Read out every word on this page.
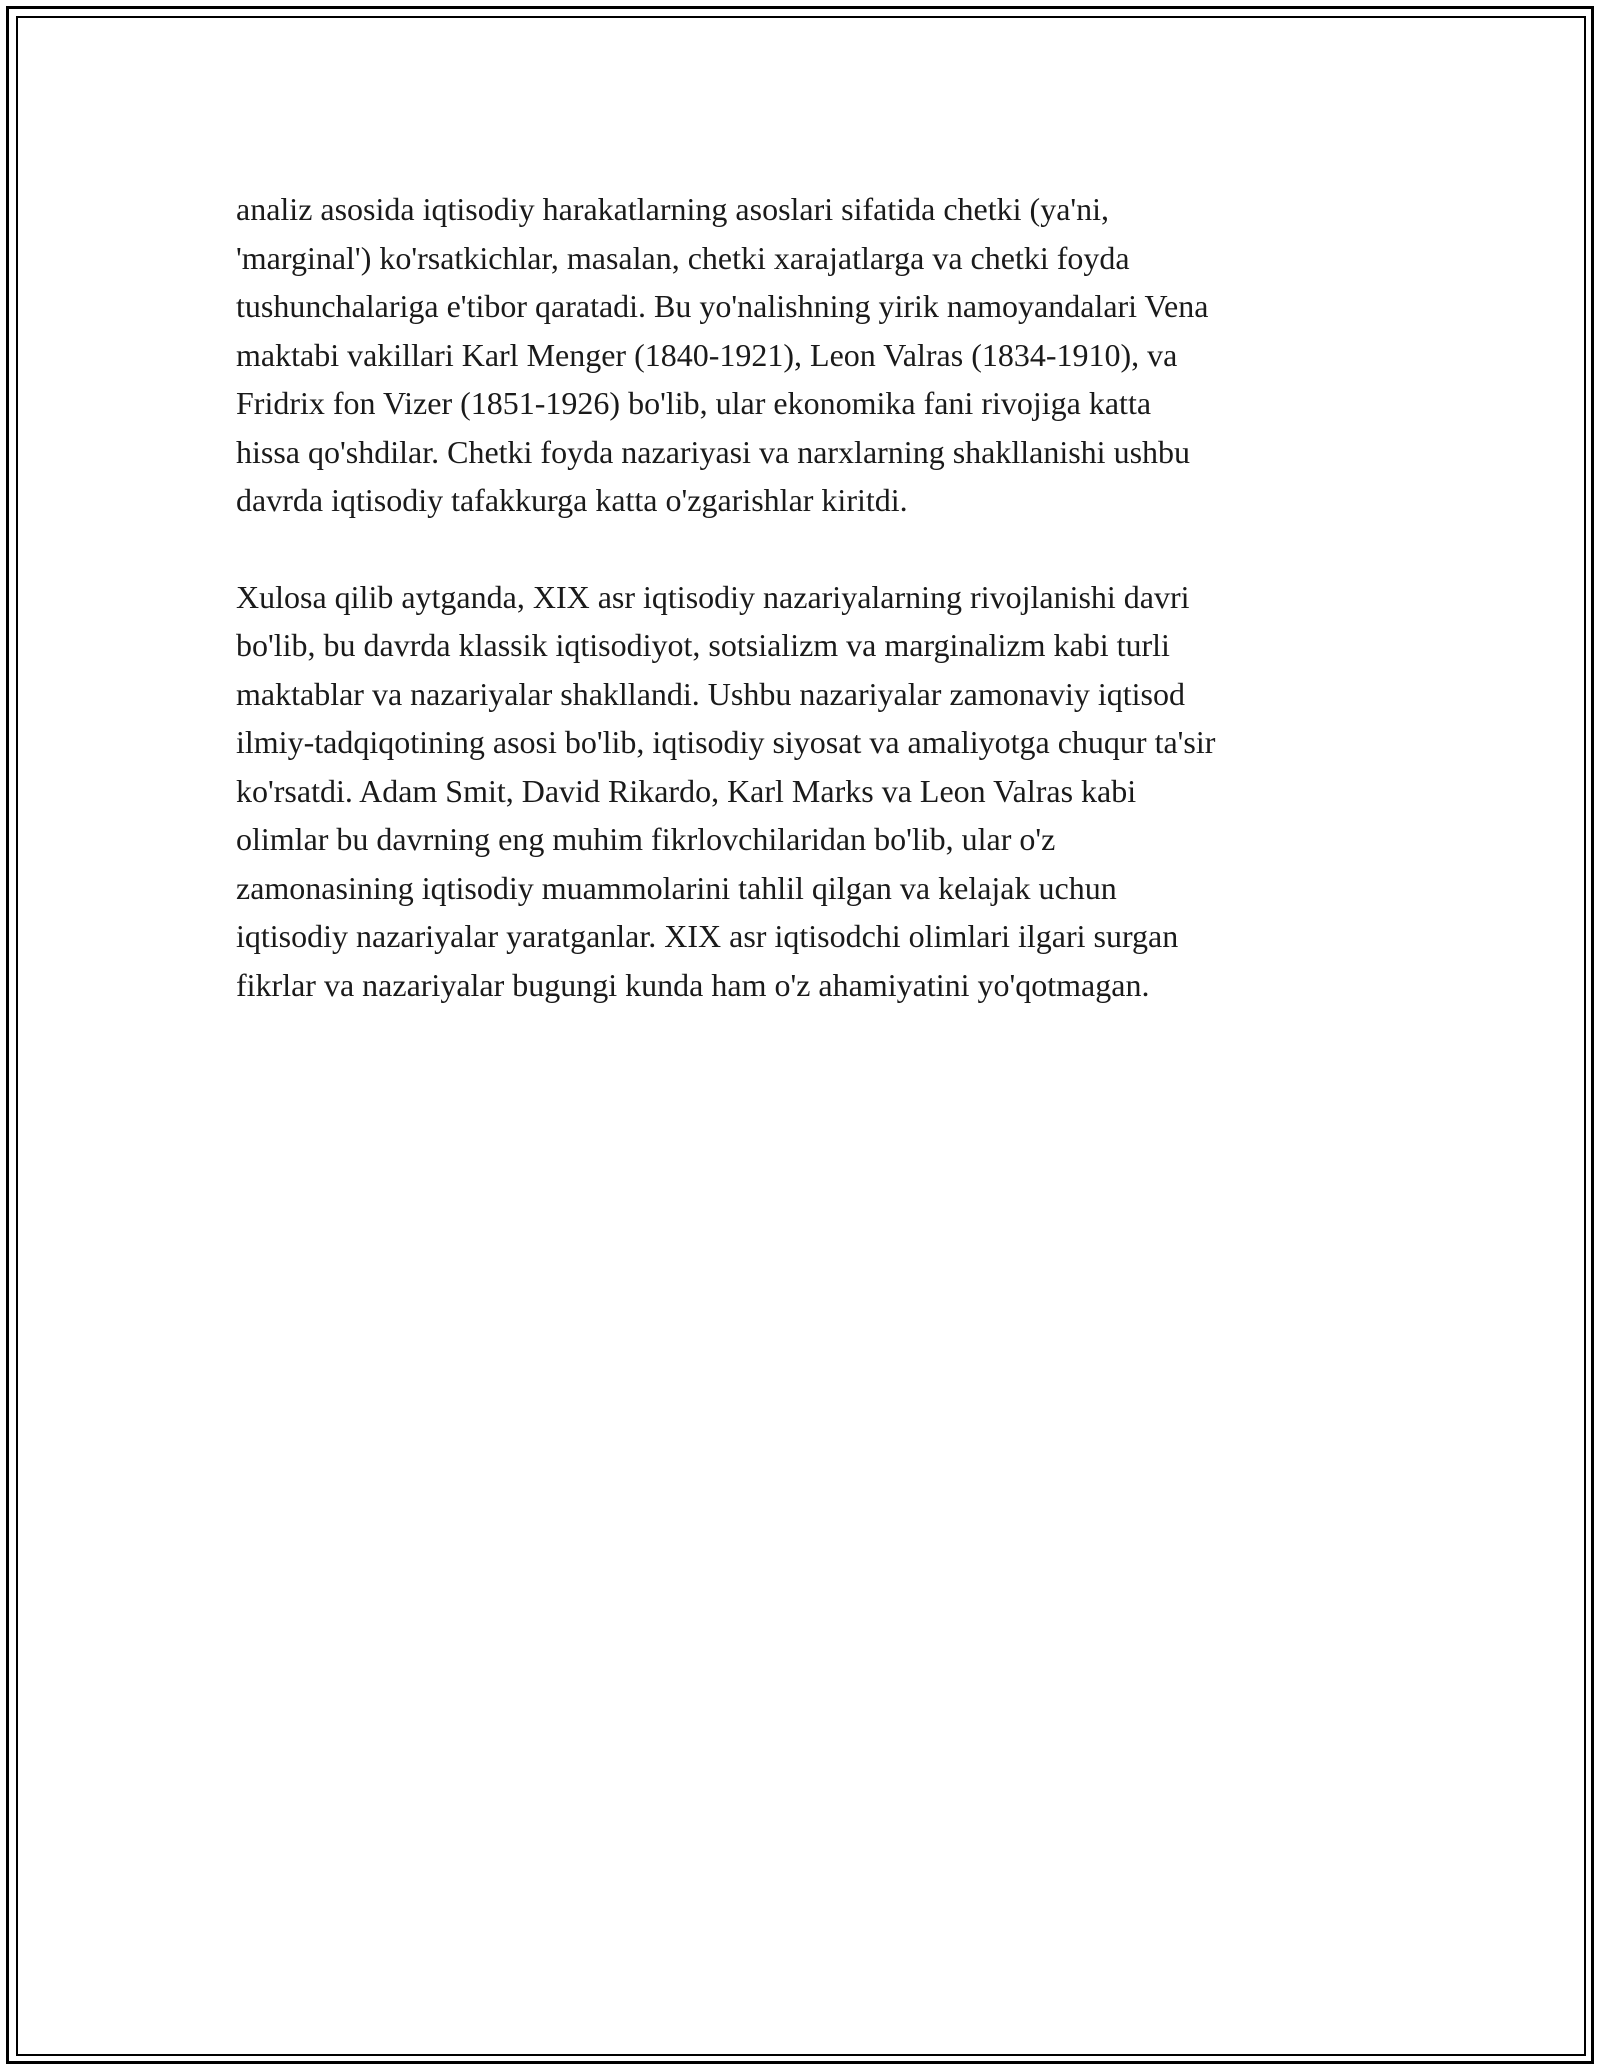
analiz asosida iqtisodiy harakatlarning asoslari sifatida chetki (ya'ni,
'marginal') ko'rsatkichlar, masalan, chetki xarajatlarga va chetki foyda
tushunchalariga e'tibor qaratadi. Bu yo'nalishning yirik namoyandalari Vena
maktabi vakillari Karl Menger (1840-1921), Leon Valras (1834-1910), va
Fridrix fon Vizer (1851-1926) bo'lib, ular ekonomika fani rivojiga katta
hissa qo'shdilar. Chetki foyda nazariyasi va narxlarning shakllanishi ushbu
davrda iqtisodiy tafakkurga katta o'zgarishlar kiritdi.

Xulosa qilib aytganda, XIX asr iqtisodiy nazariyalarning rivojlanishi davri
bo'lib, bu davrda klassik iqtisodiyot, sotsializm va marginalizm kabi turli
maktablar va nazariyalar shakllandi. Ushbu nazariyalar zamonaviy iqtisod
ilmiy-tadqiqotining asosi bo'lib, iqtisodiy siyosat va amaliyotga chuqur ta'sir
ko'rsatdi. Adam Smit, David Rikardo, Karl Marks va Leon Valras kabi
olimlar bu davrning eng muhim fikrlovchilaridan bo'lib, ular o'z
zamonasining iqtisodiy muammolarini tahlil qilgan va kelajak uchun
iqtisodiy nazariyalar yaratganlar. XIX asr iqtisodchi olimlari ilgari surgan
fikrlar va nazariyalar bugungi kunda ham o'z ahamiyatini yo'qotmagan.
